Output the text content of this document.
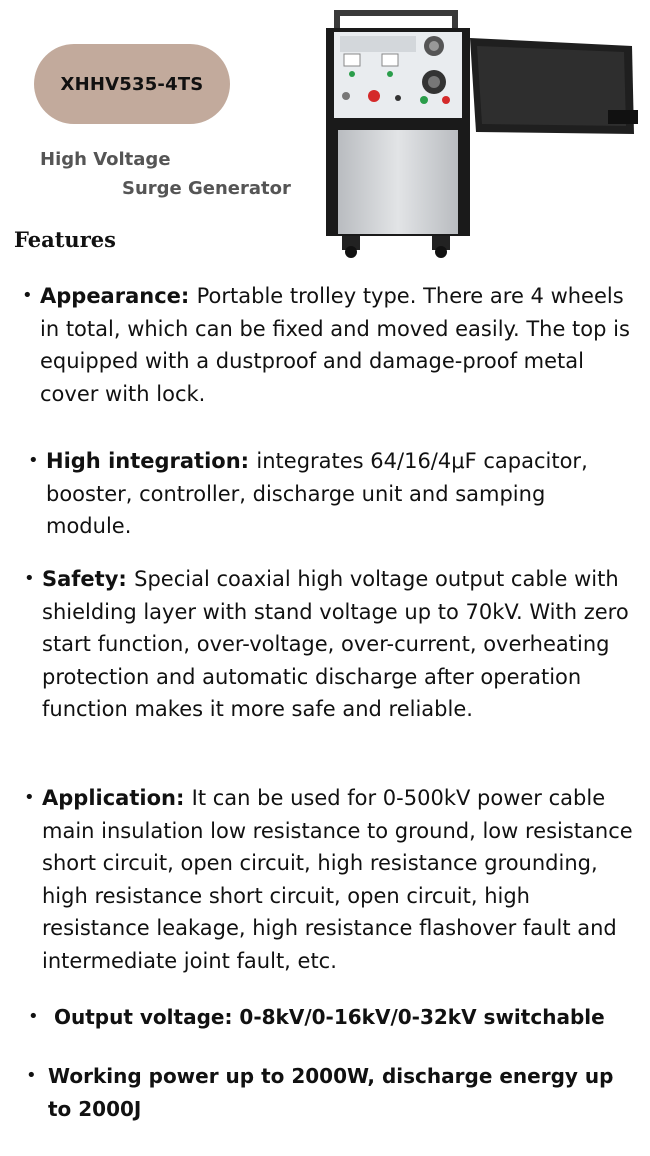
XHHV535-4TS
High Voltage
Surge Generator
Features
• Appearance: Portable trolley type. There are 4 wheels in total, which can be fixed and moved easily. The top is equipped with a dustproof and damage-proof metal cover with lock.
• High integration: integrates 64/16/4μF capacitor, booster, controller, discharge unit and samping module.
• Safety: Special coaxial high voltage output cable with shielding layer with stand voltage up to 70kV. With zero start function, over-voltage, over-current, overheating protection and automatic discharge after operation function makes it more safe and reliable.
• Application: It can be used for 0-500kV power cable main insulation low resistance to ground, low resistance short circuit, open circuit, high resistance grounding, high resistance short circuit, open circuit, high resistance leakage, high resistance flashover fault and intermediate joint fault, etc.
• Output voltage: 0-8kV/0-16kV/0-32kV switchable
• Working power up to 2000W, discharge energy up to 2000J
